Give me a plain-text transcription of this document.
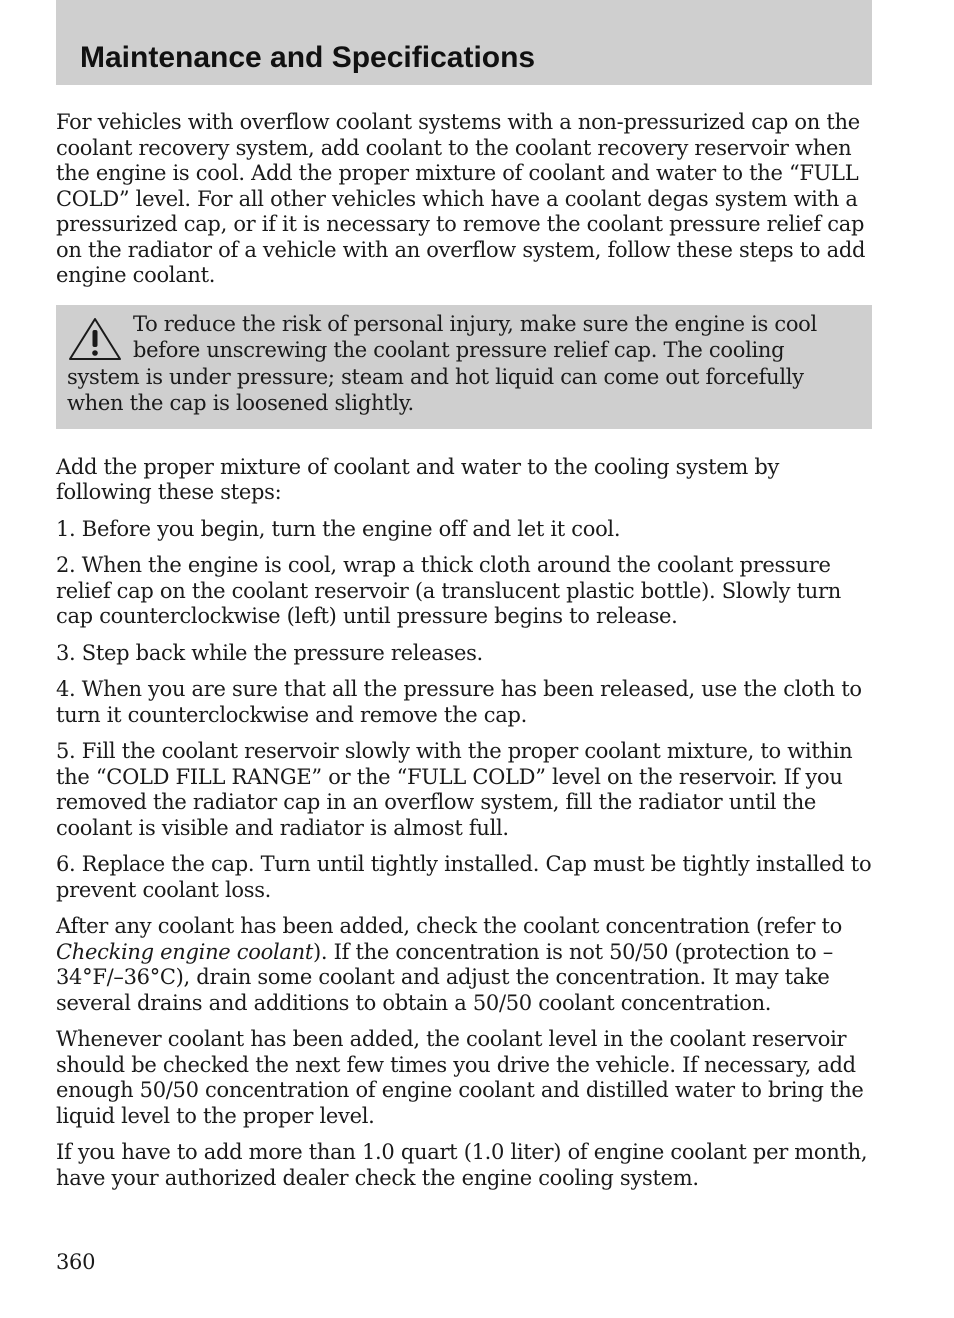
Maintenance and Specifications

For vehicles with overflow coolant systems with a non-pressurized cap on the coolant recovery system, add coolant to the coolant recovery reservoir when the engine is cool. Add the proper mixture of coolant and water to the “FULL COLD” level. For all other vehicles which have a coolant degas system with a pressurized cap, or if it is necessary to remove the coolant pressure relief cap on the radiator of a vehicle with an overflow system, follow these steps to add engine coolant.

To reduce the risk of personal injury, make sure the engine is cool before unscrewing the coolant pressure relief cap. The cooling system is under pressure; steam and hot liquid can come out forcefully when the cap is loosened slightly.

Add the proper mixture of coolant and water to the cooling system by following these steps:

1. Before you begin, turn the engine off and let it cool.

2. When the engine is cool, wrap a thick cloth around the coolant pressure relief cap on the coolant reservoir (a translucent plastic bottle). Slowly turn cap counterclockwise (left) until pressure begins to release.

3. Step back while the pressure releases.

4. When you are sure that all the pressure has been released, use the cloth to turn it counterclockwise and remove the cap.

5. Fill the coolant reservoir slowly with the proper coolant mixture, to within the “COLD FILL RANGE” or the “FULL COLD” level on the reservoir. If you removed the radiator cap in an overflow system, fill the radiator until the coolant is visible and radiator is almost full.

6. Replace the cap. Turn until tightly installed. Cap must be tightly installed to prevent coolant loss.

After any coolant has been added, check the coolant concentration (refer to Checking engine coolant). If the concentration is not 50/50 (protection to –34°F/–36°C), drain some coolant and adjust the concentration. It may take several drains and additions to obtain a 50/50 coolant concentration.

Whenever coolant has been added, the coolant level in the coolant reservoir should be checked the next few times you drive the vehicle. If necessary, add enough 50/50 concentration of engine coolant and distilled water to bring the liquid level to the proper level.

If you have to add more than 1.0 quart (1.0 liter) of engine coolant per month, have your authorized dealer check the engine cooling system.

360
